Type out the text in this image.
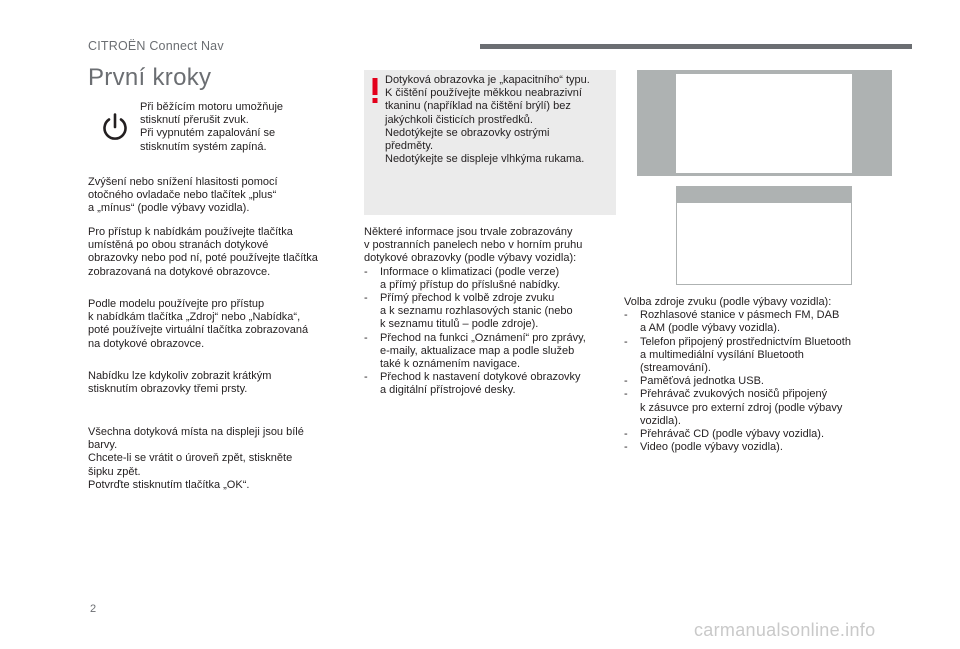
CITROËN Connect Nav
První kroky
Při běžícím motoru umožňuje
stisknutí přerušit zvuk.
Při vypnutém zapalování se
stisknutím systém zapíná.
Zvýšení nebo snížení hlasitosti pomocí
otočného ovladače nebo tlačítek „plus“
a „mínus“ (podle výbavy vozidla).
Pro přístup k nabídkám používejte tlačítka
umístěná po obou stranách dotykové
obrazovky nebo pod ní, poté používejte tlačítka
zobrazovaná na dotykové obrazovce.
Podle modelu používejte pro přístup
k nabídkám tlačítka „Zdroj“ nebo „Nabídka“,
poté používejte virtuální tlačítka zobrazovaná
na dotykové obrazovce.
Nabídku lze kdykoliv zobrazit krátkým
stisknutím obrazovky třemi prsty.
Všechna dotyková místa na displeji jsou bílé
barvy.
Chcete-li se vrátit o úroveň zpět, stiskněte
šipku zpět.
Potvrďte stisknutím tlačítka „OK“.
Dotyková obrazovka je „kapacitního“ typu.
K čištění používejte měkkou neabrazivní
tkaninu (například na čištění brýlí) bez
jakýchkoli čisticích prostředků.
Nedotýkejte se obrazovky ostrými
předměty.
Nedotýkejte se displeje vlhkýma rukama.
Některé informace jsou trvale zobrazovány
v postranních panelech nebo v horním pruhu
dotykové obrazovky (podle výbavy vozidla):
- Informace o klimatizaci (podle verze)
a přímý přístup do příslušné nabídky.
- Přímý přechod k volbě zdroje zvuku
a k seznamu rozhlasových stanic (nebo
k seznamu titulů – podle zdroje).
- Přechod na funkci „Oznámení“ pro zprávy,
e-maily, aktualizace map a podle služeb
také k oznámením navigace.
- Přechod k nastavení dotykové obrazovky
a digitální přístrojové desky.
Volba zdroje zvuku (podle výbavy vozidla):
- Rozhlasové stanice v pásmech FM, DAB
a AM (podle výbavy vozidla).
- Telefon připojený prostřednictvím Bluetooth
a multimediální vysílání Bluetooth
(streamování).
- Paměťová jednotka USB.
- Přehrávač zvukových nosičů připojený
k zásuvce pro externí zdroj (podle výbavy
vozidla).
- Přehrávač CD (podle výbavy vozidla).
- Video (podle výbavy vozidla).
2
carmanualsonline.info
